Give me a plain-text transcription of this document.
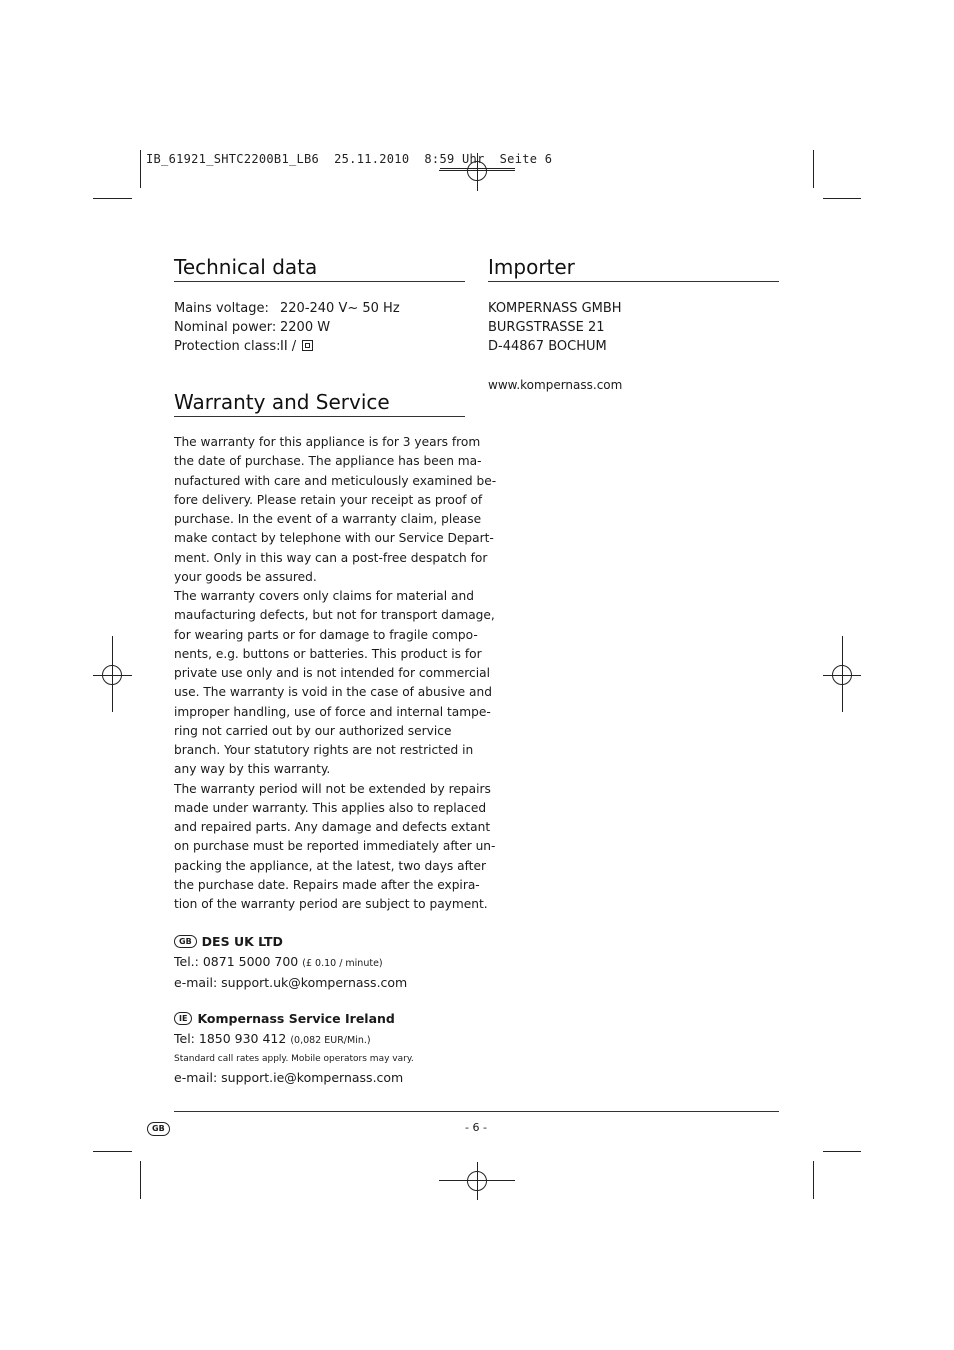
IB_61921_SHTC2200B1_LB6  25.11.2010  8:59 Uhr  Seite 6
Technical data
Mains voltage: 220-240 V~ 50 Hz
Nominal power: 2200 W
Protection class: II /
Warranty and Service
The warranty for this appliance is for 3 years from
the date of purchase. The appliance has been ma-
nufactured with care and meticulously examined be-
fore delivery. Please retain your receipt as proof of
purchase. In the event of a warranty claim, please
make contact by telephone with our Service Depart-
ment. Only in this way can a post-free despatch for
your goods be assured.
The warranty covers only claims for material and
maufacturing defects, but not for transport damage,
for wearing parts or for damage to fragile compo-
nents, e.g. buttons or batteries. This product is for
private use only and is not intended for commercial
use. The warranty is void in the case of abusive and
improper handling, use of force and internal tampe-
ring not carried out by our authorized service
branch. Your statutory rights are not restricted in
any way by this warranty.
The warranty period will not be extended by repairs
made under warranty. This applies also to replaced
and repaired parts. Any damage and defects extant
on purchase must be reported immediately after un-
packing the appliance, at the latest, two days after
the purchase date. Repairs made after the expira-
tion of the warranty period are subject to payment.
GB DES UK LTD
Tel.: 0871 5000 700 (£ 0.10 / minute)
e-mail: support.uk@kompernass.com
IE Kompernass Service Ireland
Tel: 1850 930 412 (0,082 EUR/Min.)
Standard call rates apply. Mobile operators may vary.
e-mail: support.ie@kompernass.com
Importer
KOMPERNASS GMBH
BURGSTRASSE 21
D-44867 BOCHUM
www.kompernass.com
GB	- 6 -
